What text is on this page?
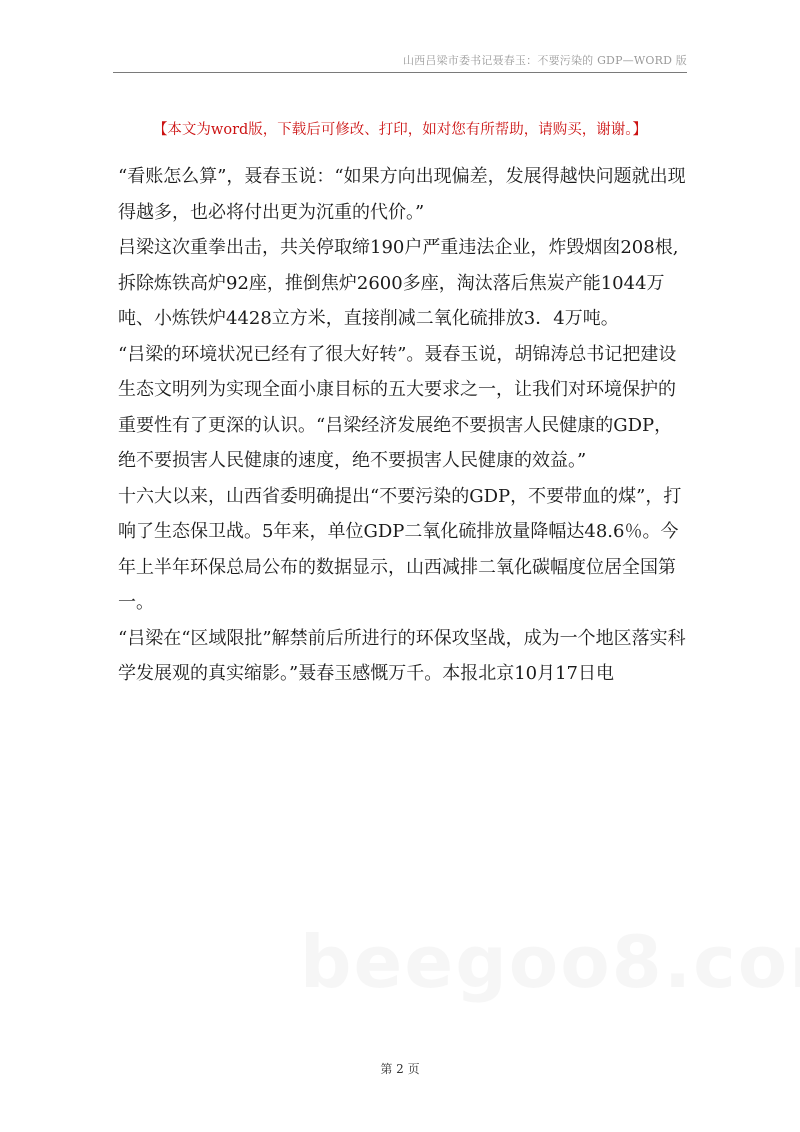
山西吕梁市委书记聂春玉：不要污染的 GDP—WORD 版
【本文为word版，下载后可修改、打印，如对您有所帮助，请购买，谢谢。】

“看账怎么算”，聂春玉说：“如果方向出现偏差，发展得越快问题就出现得越多，也必将付出更为沉重的代价。”

吕梁这次重拳出击，共关停取缔190户严重违法企业，炸毁烟囱208根,拆除炼铁高炉92座，推倒焦炉2600多座，淘汰落后焦炭产能1044万吨、小炼铁炉4428立方米，直接削减二氧化硫排放3．4万吨。

“吕梁的环境状况已经有了很大好转”。聂春玉说，胡锦涛总书记把建设生态文明列为实现全面小康目标的五大要求之一，让我们对环境保护的重要性有了更深的认识。“吕梁经济发展绝不要损害人民健康的GDP，绝不要损害人民健康的速度，绝不要损害人民健康的效益。”

十六大以来，山西省委明确提出“不要污染的GDP，不要带血的煤”，打响了生态保卫战。5年来，单位GDP二氧化硫排放量降幅达48.6％。今年上半年环保总局公布的数据显示，山西减排二氧化碳幅度位居全国第一。

“吕梁在“区域限批”解禁前后所进行的环保攻坚战，成为一个地区落实科学发展观的真实缩影。”聂春玉感慨万千。本报北京10月17日电

第 2 页
